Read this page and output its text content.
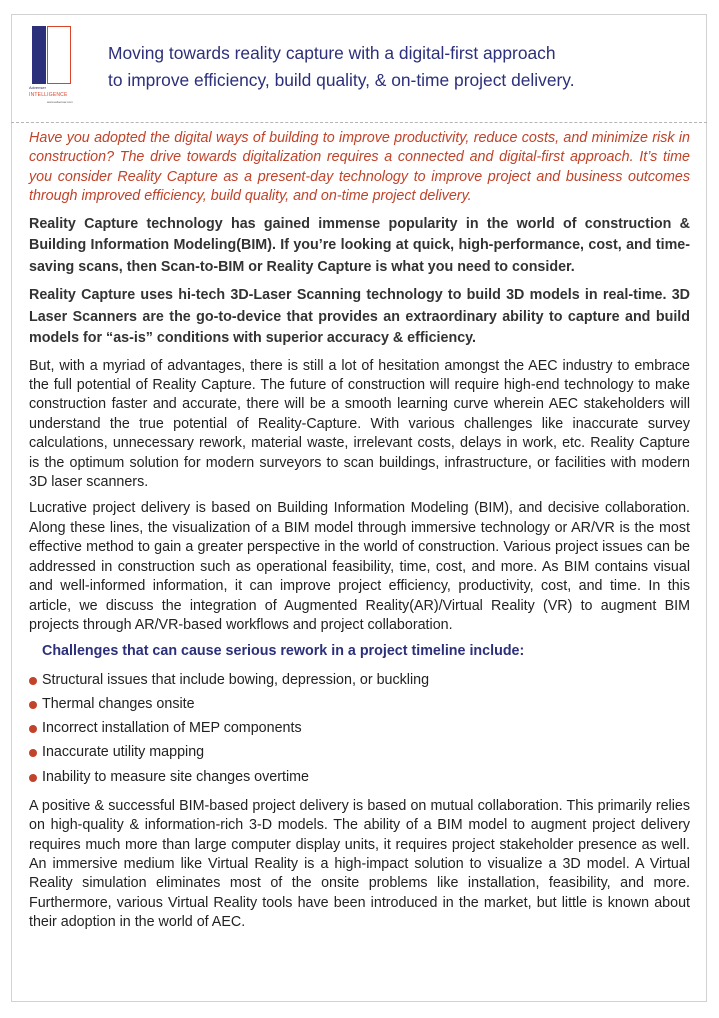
Advenser
INTELLIGENCE
www.advenser.com
Moving towards reality capture with a digital-first approach
to improve efficiency, build quality, & on-time project delivery.

Have you adopted the digital ways of building to improve productivity, reduce costs, and minimize risk in construction? The drive towards digitalization requires a connected and digital-first approach. It’s time you consider Reality Capture as a present-day technology to improve project and business outcomes through improved efficiency, build quality, and on-time project delivery.

Reality Capture technology has gained immense popularity in the world of construction & Building Information Modeling(BIM). If you’re looking at quick, high-performance, cost, and time-saving scans, then Scan-to-BIM or Reality Capture is what you need to consider.

Reality Capture uses hi-tech 3D-Laser Scanning technology to build 3D models in real-time. 3D Laser Scanners are the go-to-device that provides an extraordinary ability to capture and build models for “as-is” conditions with superior accuracy & efficiency.

But, with a myriad of advantages, there is still a lot of hesitation amongst the AEC industry to embrace the full potential of Reality Capture. The future of construction will require high-end technology to make construction faster and accurate, there will be a smooth learning curve wherein AEC stakeholders will understand the true potential of Reality-Capture. With various challenges like inaccurate survey calculations, unnecessary rework, material waste, irrelevant costs, delays in work, etc. Reality Capture is the optimum solution for modern surveyors to scan buildings, infrastructure, or facilities with modern 3D laser scanners.

Lucrative project delivery is based on Building Information Modeling (BIM), and decisive collaboration. Along these lines, the visualization of a BIM model through immersive technology or AR/VR is the most effective method to gain a greater perspective in the world of construction. Various project issues can be addressed in construction such as operational feasibility, time, cost, and more. As BIM contains visual and well-informed information, it can improve project efficiency, productivity, cost, and time. In this article, we discuss the integration of Augmented Reality(AR)/Virtual Reality (VR) to augment BIM projects through AR/VR-based workflows and project collaboration.

Challenges that can cause serious rework in a project timeline include:
Structural issues that include bowing, depression, or buckling
Thermal changes onsite
Incorrect installation of MEP components
Inaccurate utility mapping
Inability to measure site changes overtime

A positive & successful BIM-based project delivery is based on mutual collaboration. This primarily relies on high-quality & information-rich 3-D models. The ability of a BIM model to augment project delivery requires much more than large computer display units, it requires project stakeholder presence as well. An immersive medium like Virtual Reality is a high-impact solution to visualize a 3D model. A Virtual Reality simulation eliminates most of the onsite problems like installation, feasibility, and more. Furthermore, various Virtual Reality tools have been introduced in the market, but little is known about their adoption in the world of AEC.
